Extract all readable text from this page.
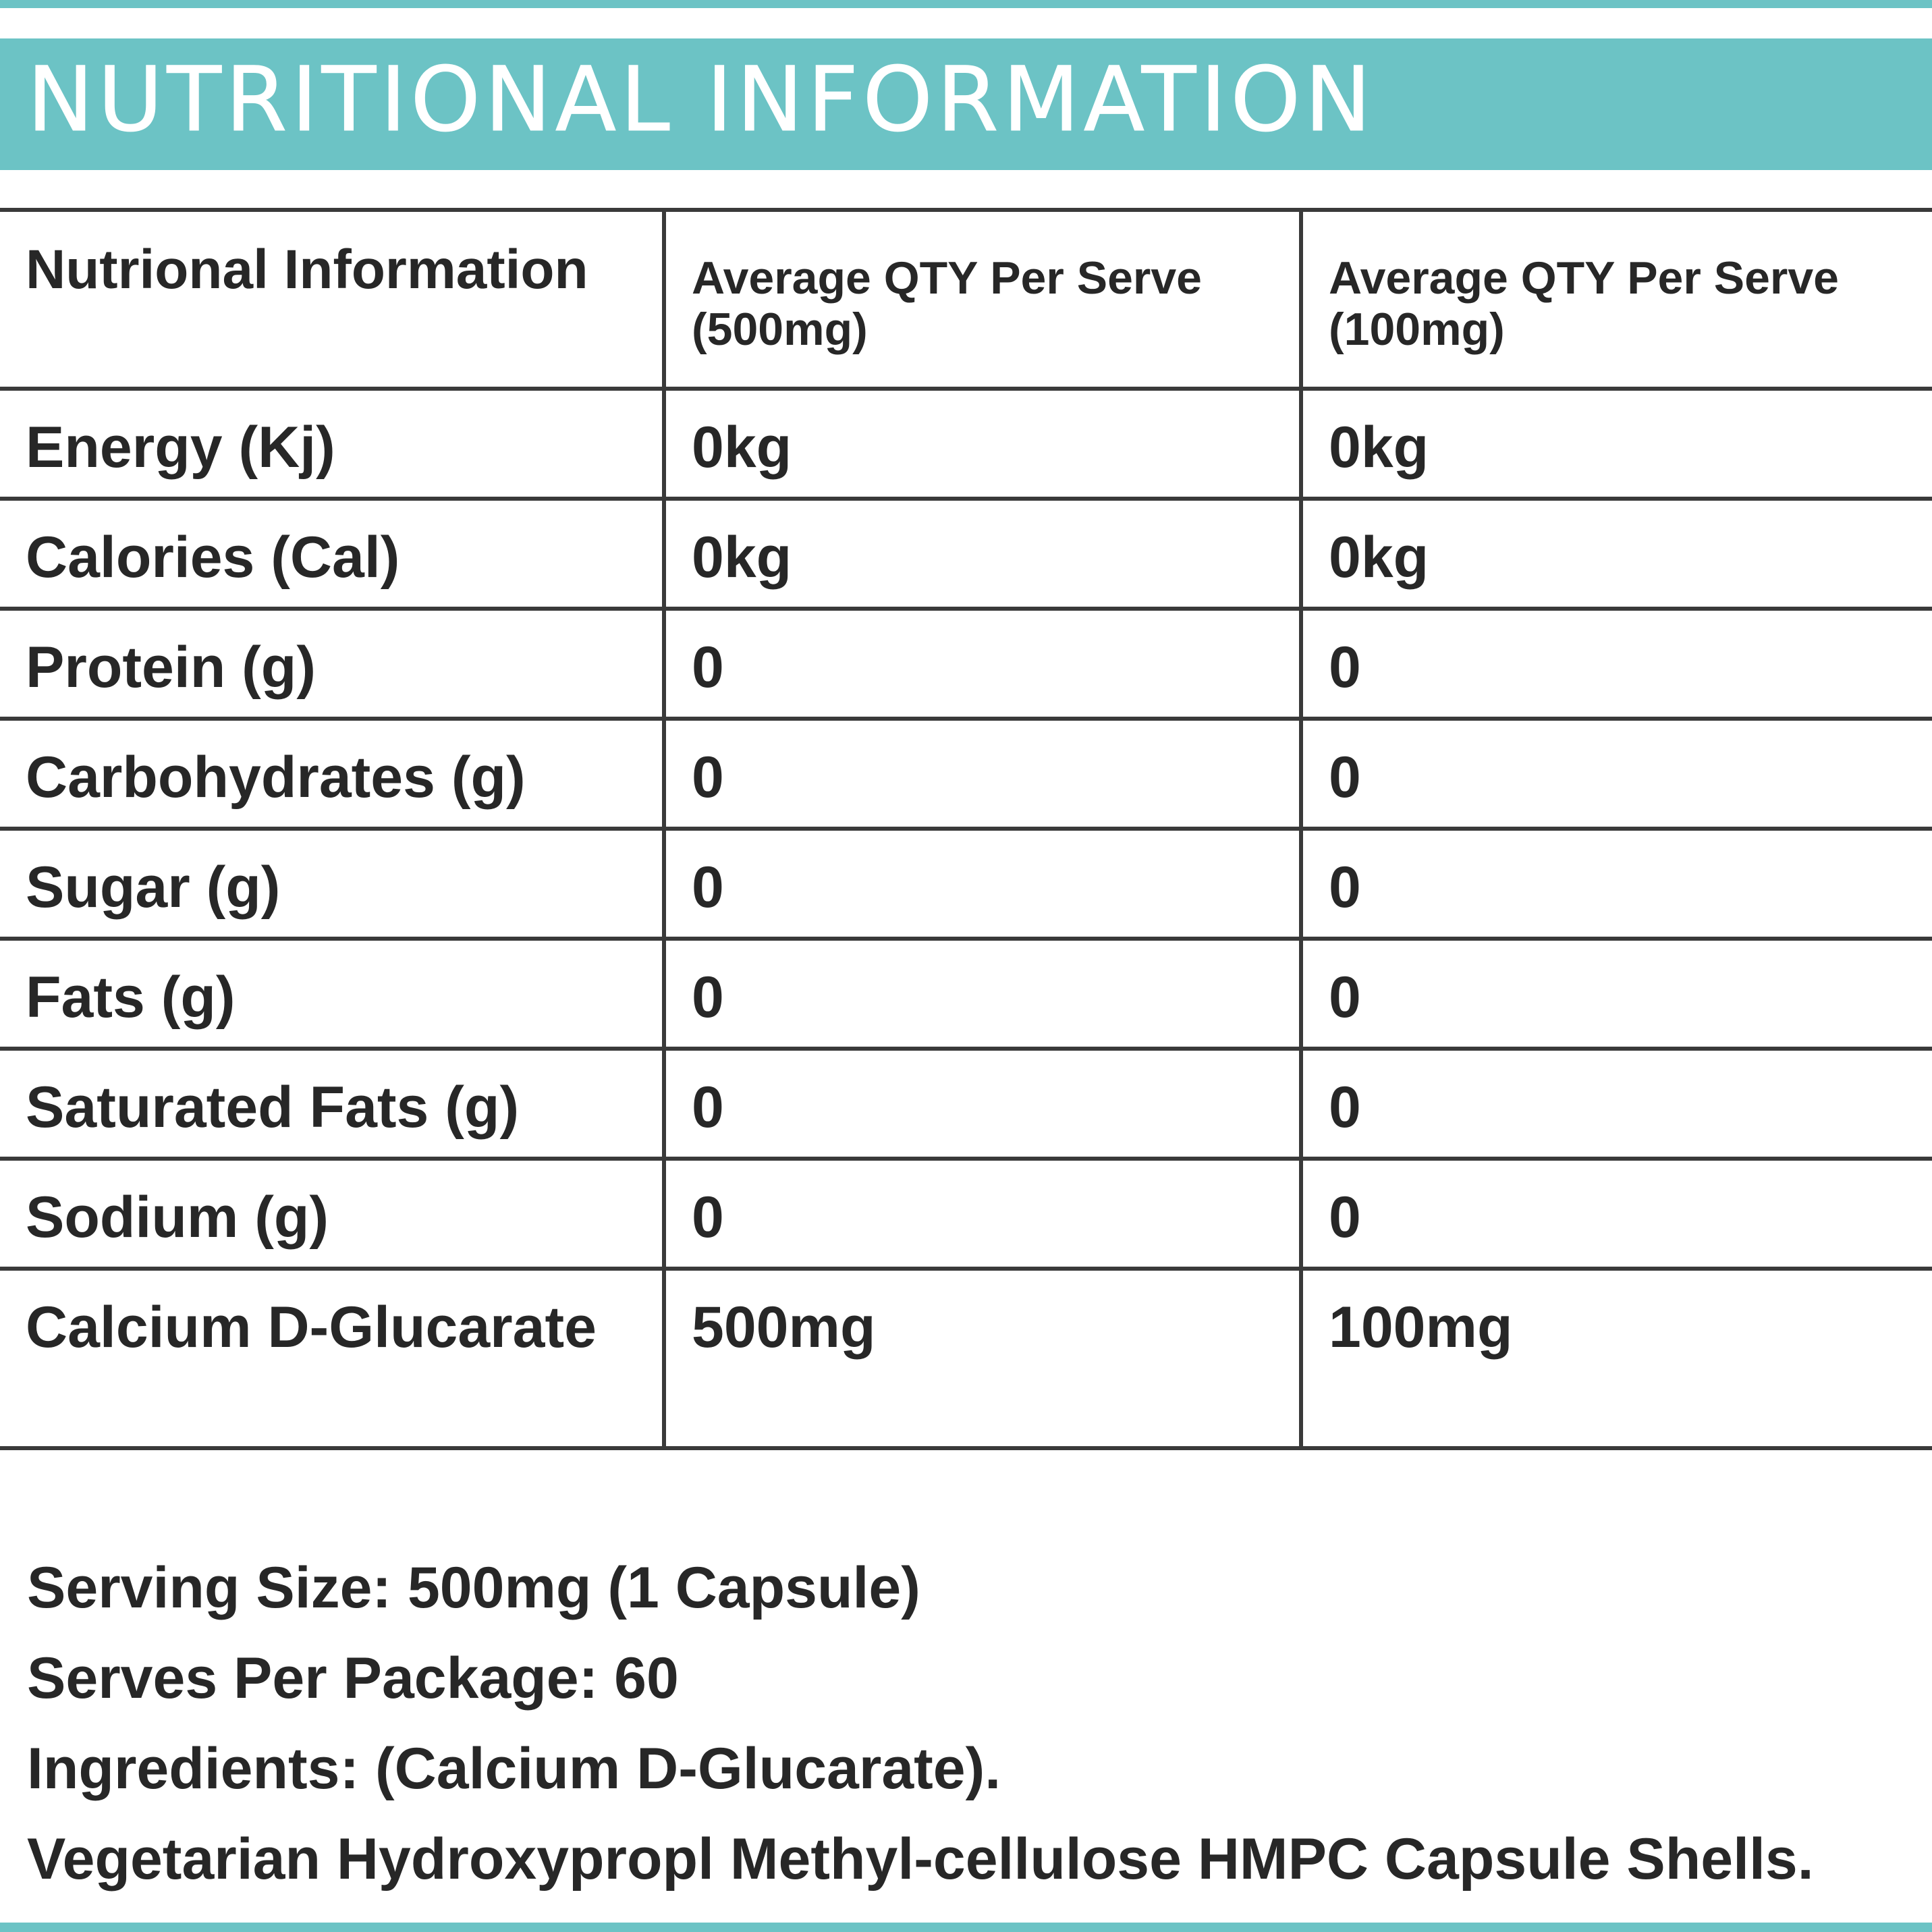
NUTRITIONAL INFORMATION
Nutrional Information	Average QTY Per Serve (500mg)	Average QTY Per Serve (100mg)
Energy (Kj)	0kg	0kg
Calories (Cal)	0kg	0kg
Protein (g)	0	0
Carbohydrates (g)	0	0
Sugar (g)	0	0
Fats (g)	0	0
Saturated Fats (g)	0	0
Sodium (g)	0	0
Calcium D-Glucarate	500mg	100mg
Serving Size: 500mg (1 Capsule)
Serves Per Package: 60
Ingredients: (Calcium D-Glucarate).
Vegetarian Hydroxypropl Methyl-cellulose HMPC Capsule Shells.
